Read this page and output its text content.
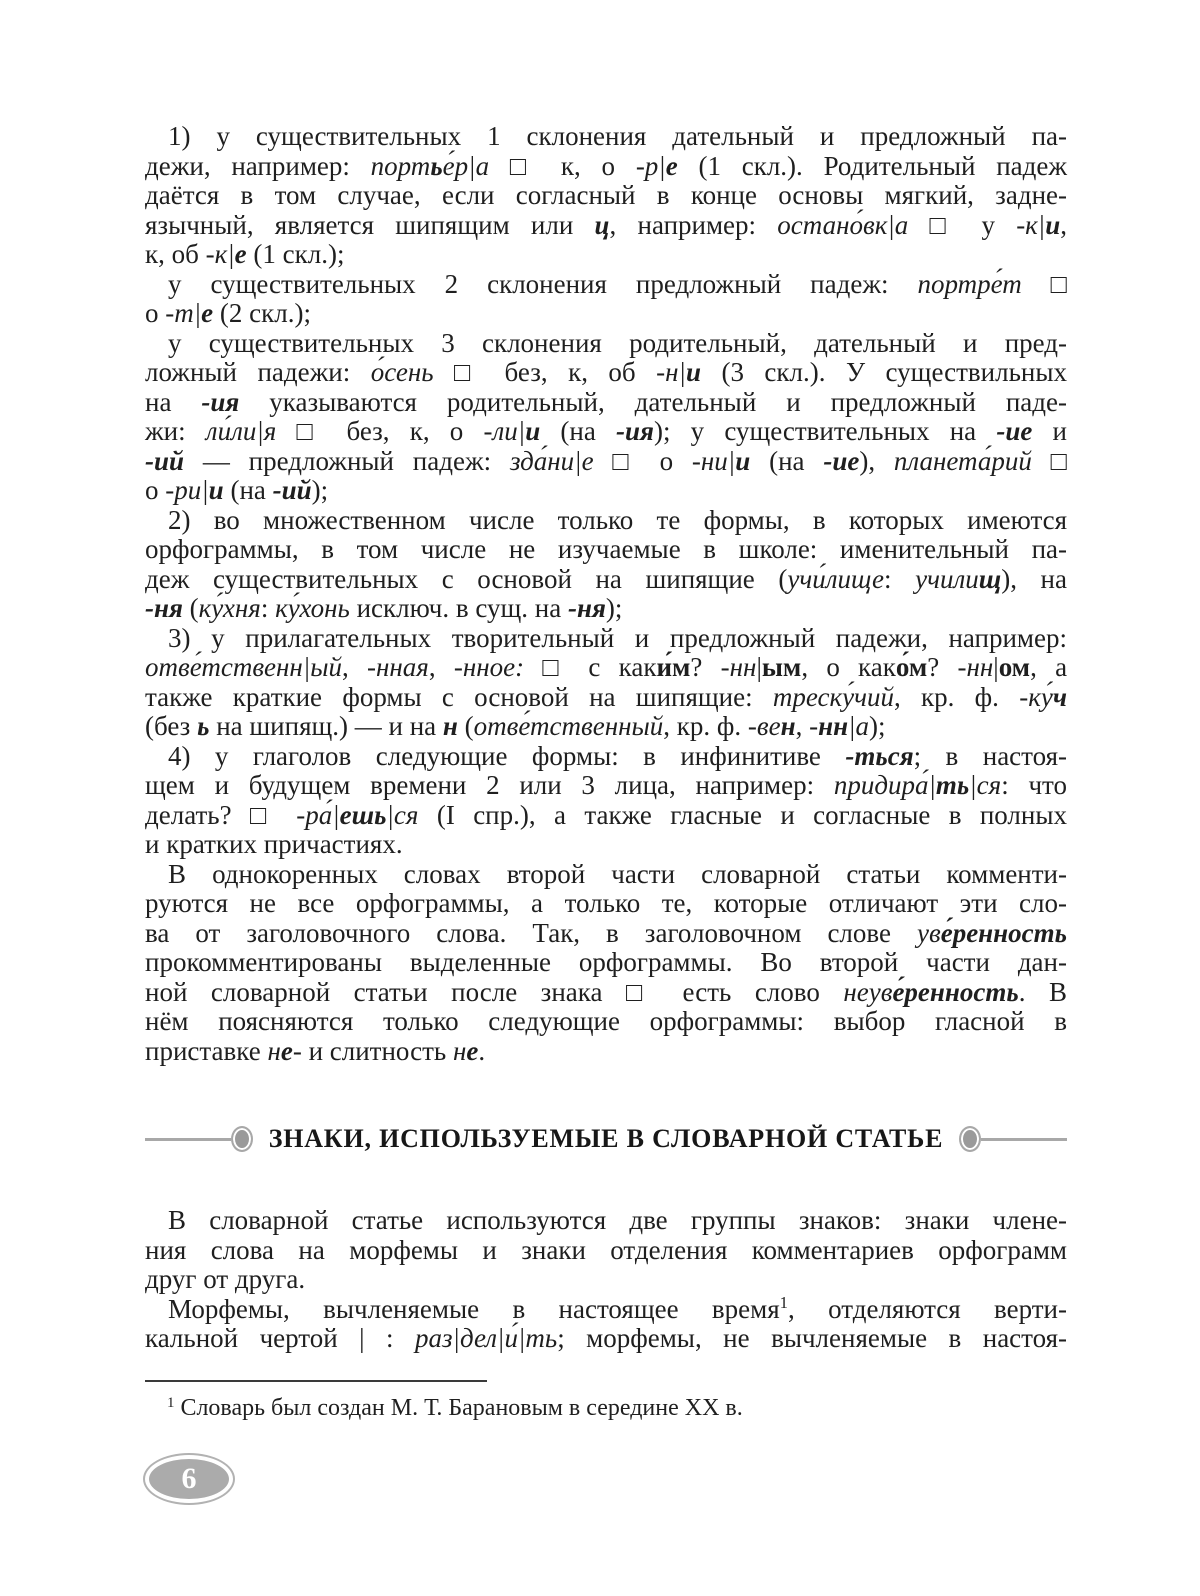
1) у существительных 1 склонения дательный и предложный па-
дежи, например: портье́р|а □ к, о -р|е (1 скл.). Родительный падеж
даётся в том случае, если согласный в конце основы мягкий, задне-
язычный, является шипящим или ц, например: остано́вк|а □ у -к|и,
к, об -к|е (1 скл.);
у существительных 2 склонения предложный падеж: портре́т □
о -т|е (2 скл.);
у существительных 3 склонения родительный, дательный и пред-
ложный падежи: о́сень □ без, к, об -н|и (3 скл.). У существильных
на -ия указываются родительный, дательный и предложный паде-
жи: ли́ли|я □ без, к, о -ли|и (на -ия); у существительных на -ие и
-ий — предложный падеж: зда́ни|е □ о -ни|и (на -ие), планета́рий □
о -ри|и (на -ий);
2) во множественном числе только те формы, в которых имеются
орфограммы, в том числе не изучаемые в школе: именительный па-
деж существительных с основой на шипящие (учи́лище: училищ), на
-ня (ку́хня: ку́хонь исключ. в сущ. на -ня);
3) у прилагательных творительный и предложный падежи, например:
отве́тственн|ый, -нная, -нное: □ с каки́м? -нн|ым, о како́м? -нн|ом, а
также краткие формы с основой на шипящие: треску́чий, кр. ф. -ку́ч
(без ь на шипящ.) — и на н (отве́тственный, кр. ф. -вен, -нн|а);
4) у глаголов следующие формы: в инфинитиве -ться; в настоя-
щем и будущем времени 2 или 3 лица, например: придира́|ть|ся: что
делать? □ -ра́|ешь|ся (I спр.), а также гласные и согласные в полных
и кратких причастиях.
В однокоренных словах второй части словарной статьи комменти-
руются не все орфограммы, а только те, которые отличают эти сло-
ва от заголовочного слова. Так, в заголовочном слове уве́ренность
прокомментированы выделенные орфограммы. Во второй части дан-
ной словарной статьи после знака □ есть слово неуве́ренность. В
нём поясняются только следующие орфограммы: выбор гласной в
приставке не- и слитность не.
ЗНАКИ, ИСПОЛЬЗУЕМЫЕ В СЛОВАРНОЙ СТАТЬЕ
В словарной статье используются две группы знаков: знаки члене-
ния слова на морфемы и знаки отделения комментариев орфограмм
друг от друга.
Морфемы, вычленяемые в настоящее время$^1$, отделяются верти-
кальной чертой | : раз|дел|и́|ть; морфемы, не вычленяемые в настоя-
$^1$ Словарь был создан М. Т. Барановым в середине XX в.
6
